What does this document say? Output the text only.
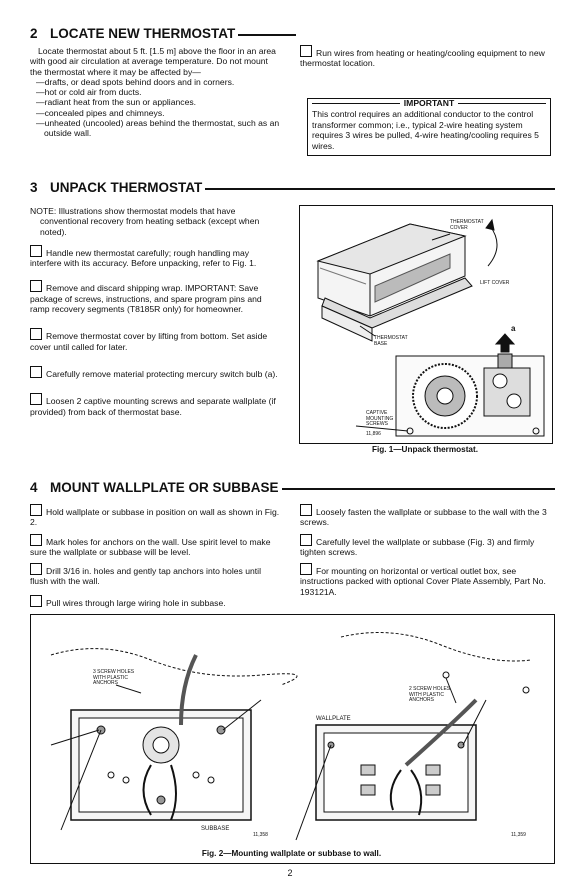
2 LOCATE NEW THERMOSTAT
Locate thermostat about 5 ft. [1.5 m] above the floor in an area with good air circulation at average temperature. Do not mount the thermostat where it may be affected by—
—drafts, or dead spots behind doors and in corners.
—hot or cold air from ducts.
—radiant heat from the sun or appliances.
—concealed pipes and chimneys.
—unheated (uncooled) areas behind the thermostat, such as an outside wall.
Run wires from heating or heating/cooling equipment to new thermostat location.
IMPORTANT
This control requires an additional conductor to the control transformer common; i.e., typical 2-wire heating system requires 3 wires be pulled, 4-wire heating/cooling requires 5 wires.
3 UNPACK THERMOSTAT
NOTE: Illustrations show thermostat models that have conventional recovery from heating setback (except when noted).
Handle new thermostat carefully; rough handling may interfere with its accuracy. Before unpacking, refer to Fig. 1.
Remove and discard shipping wrap. IMPORTANT: Save package of screws, instructions, and spare program pins and ramp recovery segments (T8185R only) for homeowner.
Remove thermostat cover by lifting from bottom. Set aside cover until called for later.
Carefully remove material protecting mercury switch bulb (a).
Loosen 2 captive mounting screws and separate wallplate (if provided) from back of thermostat base.
THERMOSTAT COVER
LIFT COVER
THERMOSTAT BASE
CAPTIVE MOUNTING SCREWS
a
11,896
Fig. 1—Unpack thermostat.
4 MOUNT WALLPLATE OR SUBBASE
Hold wallplate or subbase in position on wall as shown in Fig. 2.
Mark holes for anchors on the wall. Use spirit level to make sure the wallplate or subbase will be level.
Drill 3/16 in. holes and gently tap anchors into holes until flush with the wall.
Pull wires through large wiring hole in subbase.
Loosely fasten the wallplate or subbase to the wall with the 3 screws.
Carefully level the wallplate or subbase (Fig. 3) and firmly tighten screws.
For mounting on horizontal or vertical outlet box, see instructions packed with optional Cover Plate Assembly, Part No. 193121A.
3 SCREW HOLES WITH PLASTIC ANCHORS
2 SCREW HOLES WITH PLASTIC ANCHORS
WALLPLATE
SUBBASE
11,358	11,359
Fig. 2—Mounting wallplate or subbase to wall.
2
